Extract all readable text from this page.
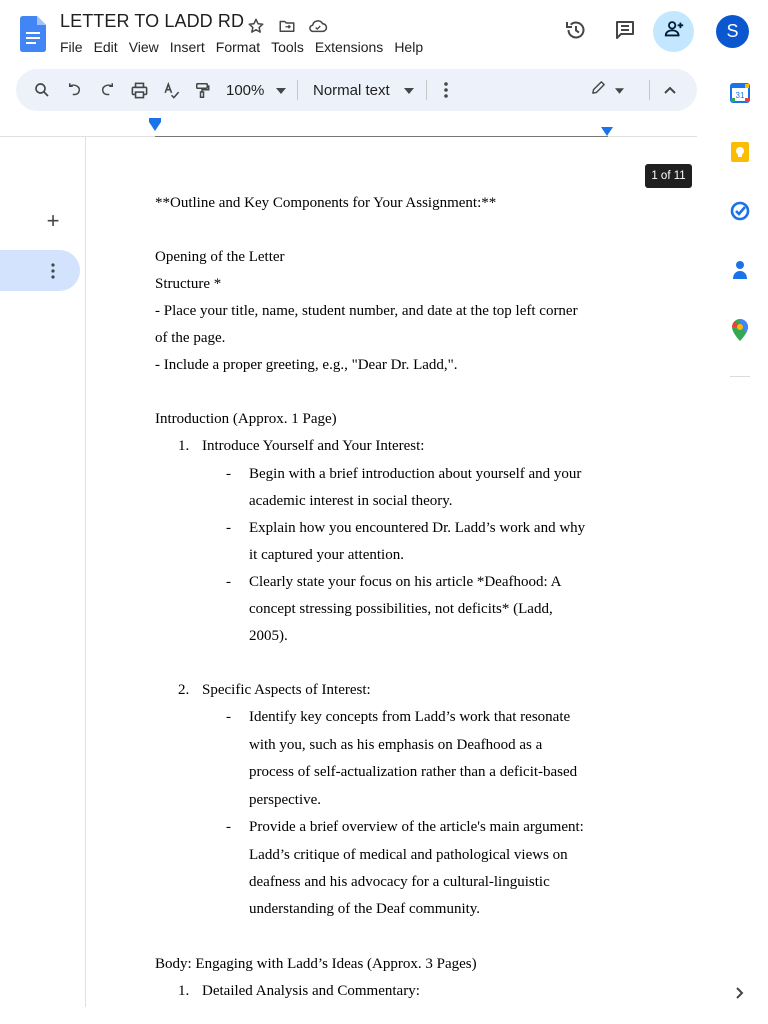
LETTER TO LADD RD
File Edit View Insert Format Tools Extensions Help
S
100%	Normal text
+
1 of 11
**Outline and Key Components for Your Assignment:**
Opening of the Letter
Structure *
- Place your title, name, student number, and date at the top left corner
of the page.
- Include a proper greeting, e.g., "Dear Dr. Ladd,".
Introduction (Approx. 1 Page)
1. Introduce Yourself and Your Interest:
- Begin with a brief introduction about yourself and your
academic interest in social theory.
- Explain how you encountered Dr. Ladd’s work and why
it captured your attention.
- Clearly state your focus on his article *Deafhood: A
concept stressing possibilities, not deficits* (Ladd,
2005).
2. Specific Aspects of Interest:
- Identify key concepts from Ladd’s work that resonate
with you, such as his emphasis on Deafhood as a
process of self-actualization rather than a deficit-based
perspective.
- Provide a brief overview of the article's main argument:
Ladd’s critique of medical and pathological views on
deafness and his advocacy for a cultural-linguistic
understanding of the Deaf community.
Body: Engaging with Ladd’s Ideas (Approx. 3 Pages)
1. Detailed Analysis and Commentary:
31
